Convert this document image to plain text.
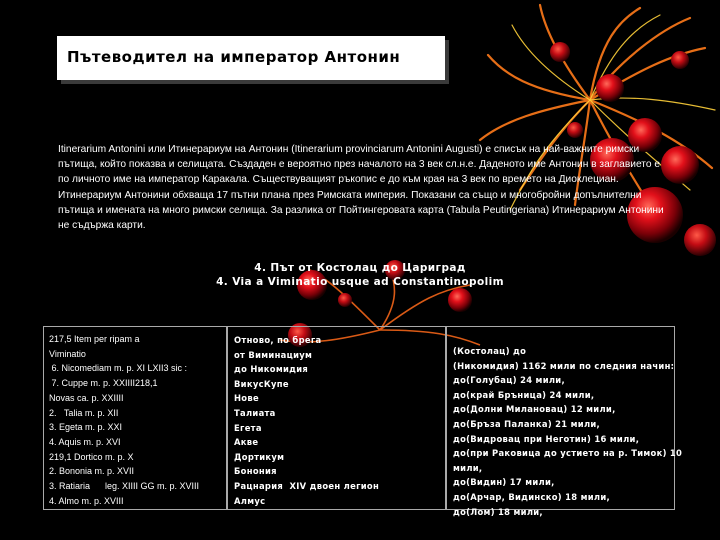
Пътеводител на император Антонин

Itinerarium Antonini или Итинерариум на Антонин (Itinerarium provinciarum Antonini Augusti) е списък на най-важните римски пътища, който показва и селищата. Създаден е вероятно през началото на 3 век сл.н.е. Даденото име Антонин в заглавието е по личното име на император Каракала. Съществуващият ръкопис е до към края на 3 век по времето на Диоклециан.

Итинерариум Антонини обхваща 17 пътни плана през Римската империя. Показани са също и многобройни допълнителни пътища и имената на много римски селища. За разлика от Пойтингеровата карта (Tabula Peutingeriana) Итинерариум Антонини не съдържа карти.

4. Път от Костолац до Цариград
4. Via a Viminatio usque ad Constantinopolim
217,5 Item per ripam a
Viminatio
6. Nicomediam m. p. XI LXII3 sic :
7. Cuppe m. p. XXIIII218,1
Novas ca. p. XXIIII
2.   Talia m. p. XII
3. Egeta m. p. XXI
4. Aquis m. p. XVI
219,1 Dortico m. p. X
2. Bononia m. p. XVII
3. Ratiaria      leg. XIIII GG m. p. XVIII
4. Almo m. p. XVIII
Отново, по брега
от Виминациум
до Никомидия
ВикусКупе
Нове
Талиата
Егета
Акве
Дортикум
Бонония
Рацнария  XIV двоен легион
Алмус
(Костолац) до
(Никомидия) 1162 мили по следния начин:
до(Голубац) 24 мили,
до(край Бръница) 24 мили,
до(Долни Милановац) 12 мили,
до(Бръза Паланка) 21 мили,
до(Видровац при Неготин) 16 мили,
до(при Раковица до устието на р. Тимок) 10
мили,
до(Видин) 17 мили,
до(Арчар, Видинско) 18 мили,
до(Лом) 18 мили,
